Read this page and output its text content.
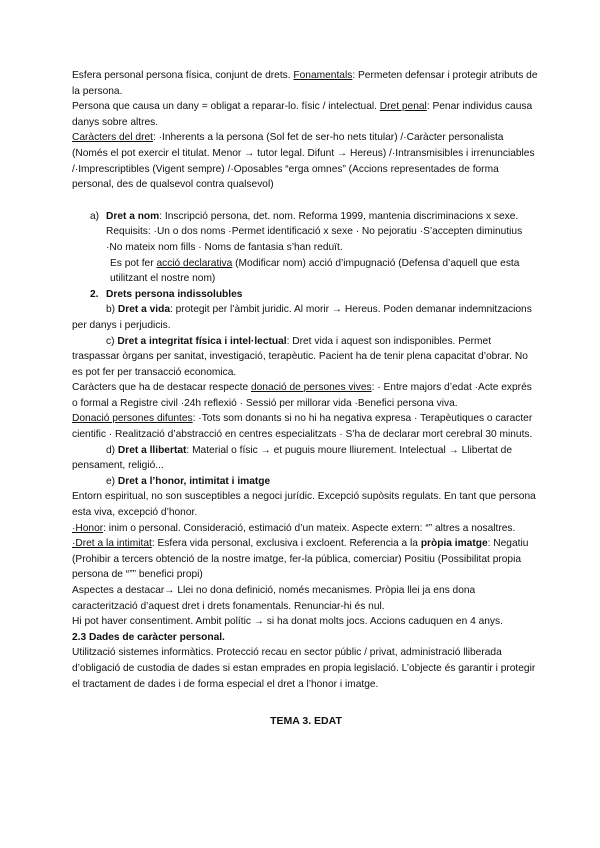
Esfera personal persona física, conjunt de drets. Fonamentals: Permeten defensar i protegir atributs de la persona.

Persona que causa un dany = obligat a reparar-lo. físic / intelectual. Dret penal: Penar individus causa danys sobre altres.

Caràcters del dret: ·Inherents a la persona (Sol fet de ser-ho nets titular) /·Caràcter personalista (Només el pot exercir el titulat. Menor → tutor legal. Difunt → Hereus) /·Intransmisibles i irrenunciables /·Imprescriptibles (Vigent sempre) /·Oposables “erga omnes” (Accions representades de forma personal, des de qualsevol contra qualsevol)

a) Dret a nom: Inscripció persona, det. nom. Reforma 1999, mantenia discriminacions x sexe. Requisits: ·Un o dos noms ·Permet identificació x sexe · No pejoratiu ·S’accepten diminutius ·No mateix nom fills · Noms de fantasia s’han reduït.

Es pot fer acció declarativa (Modificar nom) acció d’impugnació (Defensa d’aquell que esta utilitzant el nostre nom)

2. Drets persona indissolubles

b) Dret a vida: protegit per l’àmbit juridic. Al morir → Hereus. Poden demanar indemnitzacions per danys i perjudicis.

c) Dret a integritat física i intel·lectual: Dret vida i aquest son indisponibles. Permet traspassar òrgans per sanitat, investigació, terapèutic. Pacient ha de tenir plena capacitat d’obrar. No es pot fer per transacció economica.

Caràcters que ha de destacar respecte donació de persones vives: · Entre majors d’edat ·Acte exprés o formal a Registre civil ·24h reflexió · Sessió per millorar vida ·Benefici persona viva.

Donació persones difuntes: ·Tots som donants si no hi ha negativa expresa · Terapèutiques o caracter cientific · Realització d’abstracció en centres especialitzats · S’ha de declarar mort cerebral 30 minuts.

d) Dret a llibertat: Material o físic → et puguis moure lliurement. Intelectual → Llibertat de pensament, religió...

e) Dret a l’honor, intimitat i imatge

Entorn espiritual, no son susceptibles a negoci jurídic. Excepció supòsits regulats. En tant que persona esta viva, excepció d’honor.

·Honor: inim o personal. Consideració, estimació d’un mateix. Aspecte extern: “” altres a nosaltres.

·Dret a la intimitat: Esfera vida personal, exclusiva i excloent. Referencia a la pròpia imatge: Negatiu (Prohibir a tercers obtenció de la nostre imatge, fer-la pública, comerciar) Positiu (Possibilitat propia persona de “”” benefici propi)

Aspectes a destacar→ Llei no dona definició, només mecanismes. Pròpia llei ja ens dona caracterització d’aquest dret i drets fonamentals. Renunciar-hi és nul.

Hi pot haver consentiment. Ambit polític → si ha donat molts jocs. Accions caduquen en 4 anys.

2.3 Dades de caràcter personal.

Utilització sistemes informàtics. Protecció recau en sector públic / privat, administració lliberada d’obligació de custodia de dades si estan emprades en propia legislació. L’objecte és garantir i protegir el tractament de dades i de forma especial el dret a l’honor i imatge.

TEMA 3. EDAT
